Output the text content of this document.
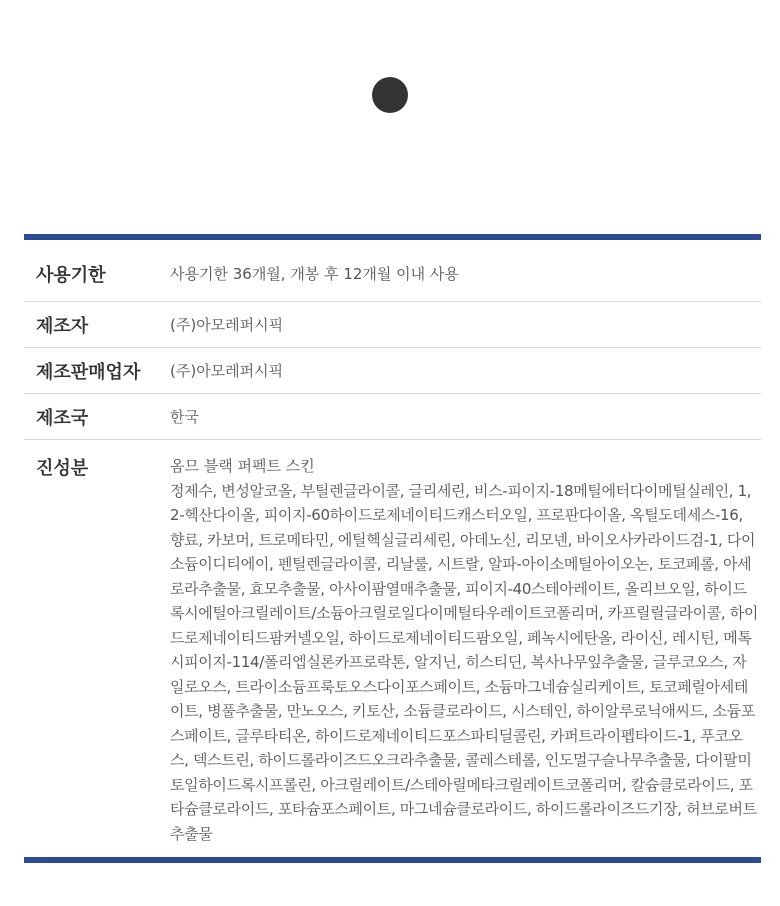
사용기한	사용기한 36개월, 개봉 후 12개월 이내 사용
제조자	(주)아모레퍼시픽
제조판매업자	(주)아모레퍼시픽
제조국	한국
진성분	옴므 블랙 퍼펙트 스킨
정제수, 변성알코올, 부틸렌글라이콜, 글리세린, 비스-피이지-18메틸에터다이메틸실레인, 1,2-헥산다이올, 피이지-60하이드로제네이티드캐스터오일, 프로판다이올, 옥틸도데세스-16, 향료, 카보머, 트로메타민, 에틸헥실글리세린, 아데노신, 리모넨, 바이오사카라이드검-1, 다이소듐이디티에이, 펜틸렌글라이콜, 리날룰, 시트랄, 알파-아이소메틸아이오논, 토코페롤, 아세로라추출물, 효모추출물, 아사이팜열매추출물, 피이지-40스테아레이트, 올리브오일, 하이드록시에틸아크릴레이트/소듐아크릴로일다이메틸타우레이트코폴리머, 카프릴릴글라이콜, 하이드로제네이티드팜커넬오일, 하이드로제네이티드팜오일, 페녹시에탄올, 라이신, 레시틴, 메톡시피이지-114/폴리엡실론카프로락톤, 알지닌, 히스티딘, 복사나무잎추출물, 글루코오스, 자일로오스, 트라이소듐프룩토오스다이포스페이트, 소듐마그네슘실리케이트, 토코페릴아세테이트, 병풀추출물, 만노오스, 키토산, 소듐클로라이드, 시스테인, 하이알루로닉애씨드, 소듐포스페이트, 글루타티온, 하이드로제네이티드포스파티딜콜린, 카퍼트라이펩타이드-1, 푸코오스, 덱스트린, 하이드롤라이즈드오크라추출물, 콜레스테롤, 인도멀구슬나무추출물, 다이팔미토일하이드록시프롤린, 아크릴레이트/스테아릴메타크릴레이트코폴리머, 칼슘클로라이드, 포타슘클로라이드, 포타슘포스페이트, 마그네슘클로라이드, 하이드롤라이즈드기장, 허브로버트추출물
